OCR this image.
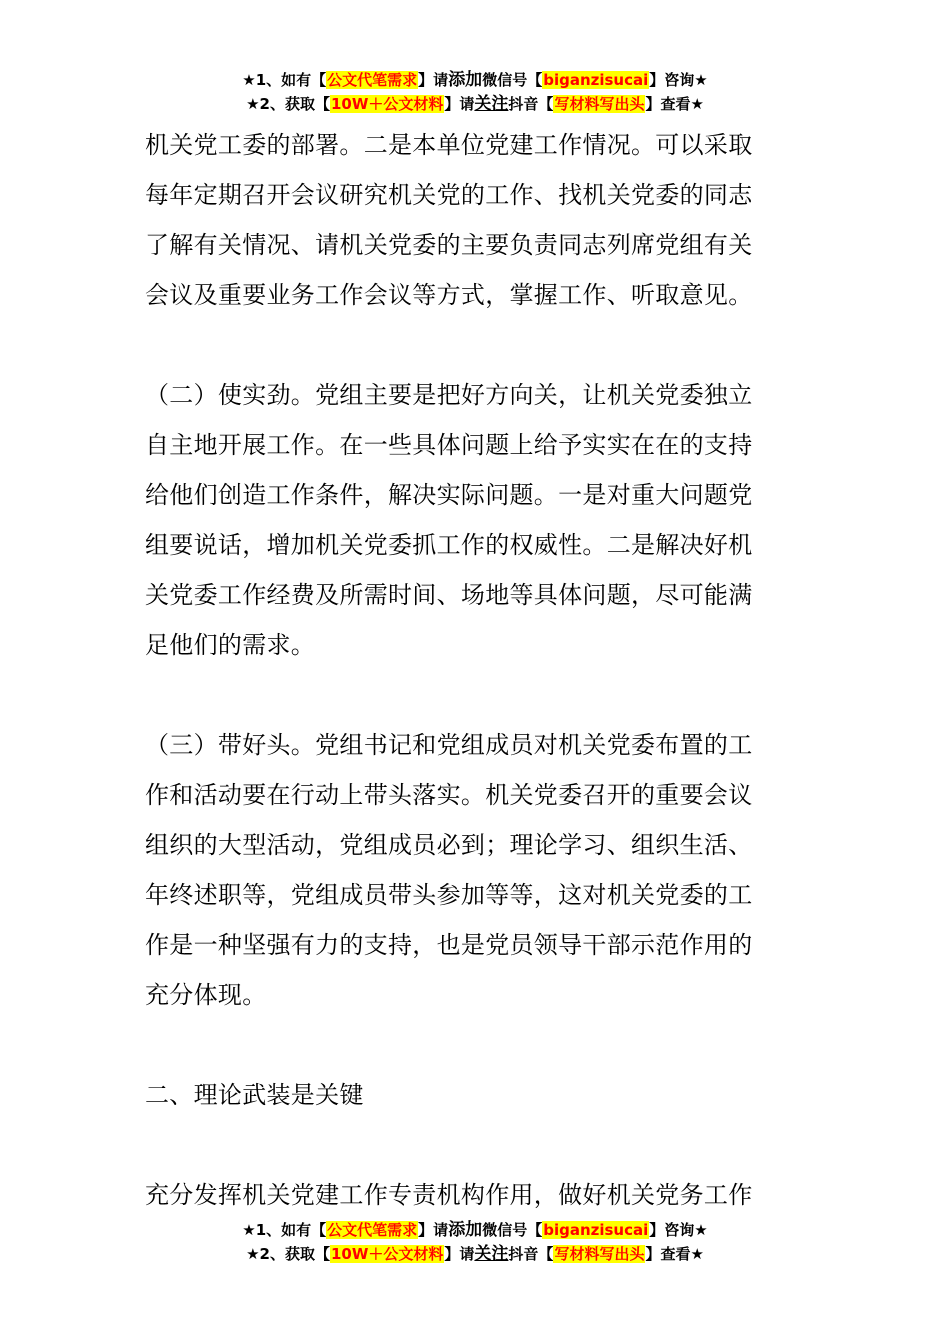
★1、如有【公文代笔需求】请添加微信号【biganzisucai】咨询★
★2、获取【10W＋公文材料】请关注抖音【写材料写出头】查看★

机关党工委的部署。二是本单位党建工作情况。可以采取
每年定期召开会议研究机关党的工作、找机关党委的同志
了解有关情况、请机关党委的主要负责同志列席党组有关
会议及重要业务工作会议等方式，掌握工作、听取意见。

（二）使实劲。党组主要是把好方向关，让机关党委独立
自主地开展工作。在一些具体问题上给予实实在在的支持
给他们创造工作条件，解决实际问题。一是对重大问题党
组要说话，增加机关党委抓工作的权威性。二是解决好机
关党委工作经费及所需时间、场地等具体问题，尽可能满
足他们的需求。

（三）带好头。党组书记和党组成员对机关党委布置的工
作和活动要在行动上带头落实。机关党委召开的重要会议
组织的大型活动，党组成员必到；理论学习、组织生活、
年终述职等，党组成员带头参加等等，这对机关党委的工
作是一种坚强有力的支持，也是党员领导干部示范作用的
充分体现。

二、理论武装是关键

充分发挥机关党建工作专责机构作用，做好机关党务工作

★1、如有【公文代笔需求】请添加微信号【biganzisucai】咨询★
★2、获取【10W＋公文材料】请关注抖音【写材料写出头】查看★
